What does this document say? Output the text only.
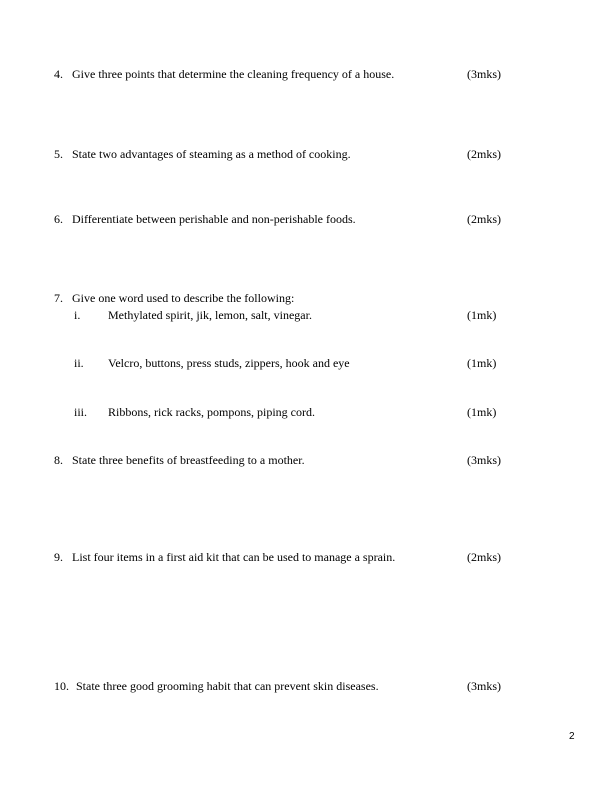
4. Give three points that determine the cleaning frequency of a house.	(3mks)
5. State two advantages of steaming as a method of cooking.	(2mks)
6. Differentiate between perishable and non-perishable foods.	(2mks)
7. Give one word used to describe the following:
i. Methylated spirit, jik, lemon, salt, vinegar.	(1mk)
ii. Velcro, buttons, press studs, zippers, hook and eye	(1mk)
iii. Ribbons, rick racks, pompons, piping cord.	(1mk)
8. State three benefits of breastfeeding to a mother.	(3mks)
9. List four items in a first aid kit that can be used to manage a sprain.	(2mks)
10. State three good grooming habit that can prevent skin diseases.	(3mks)
2
